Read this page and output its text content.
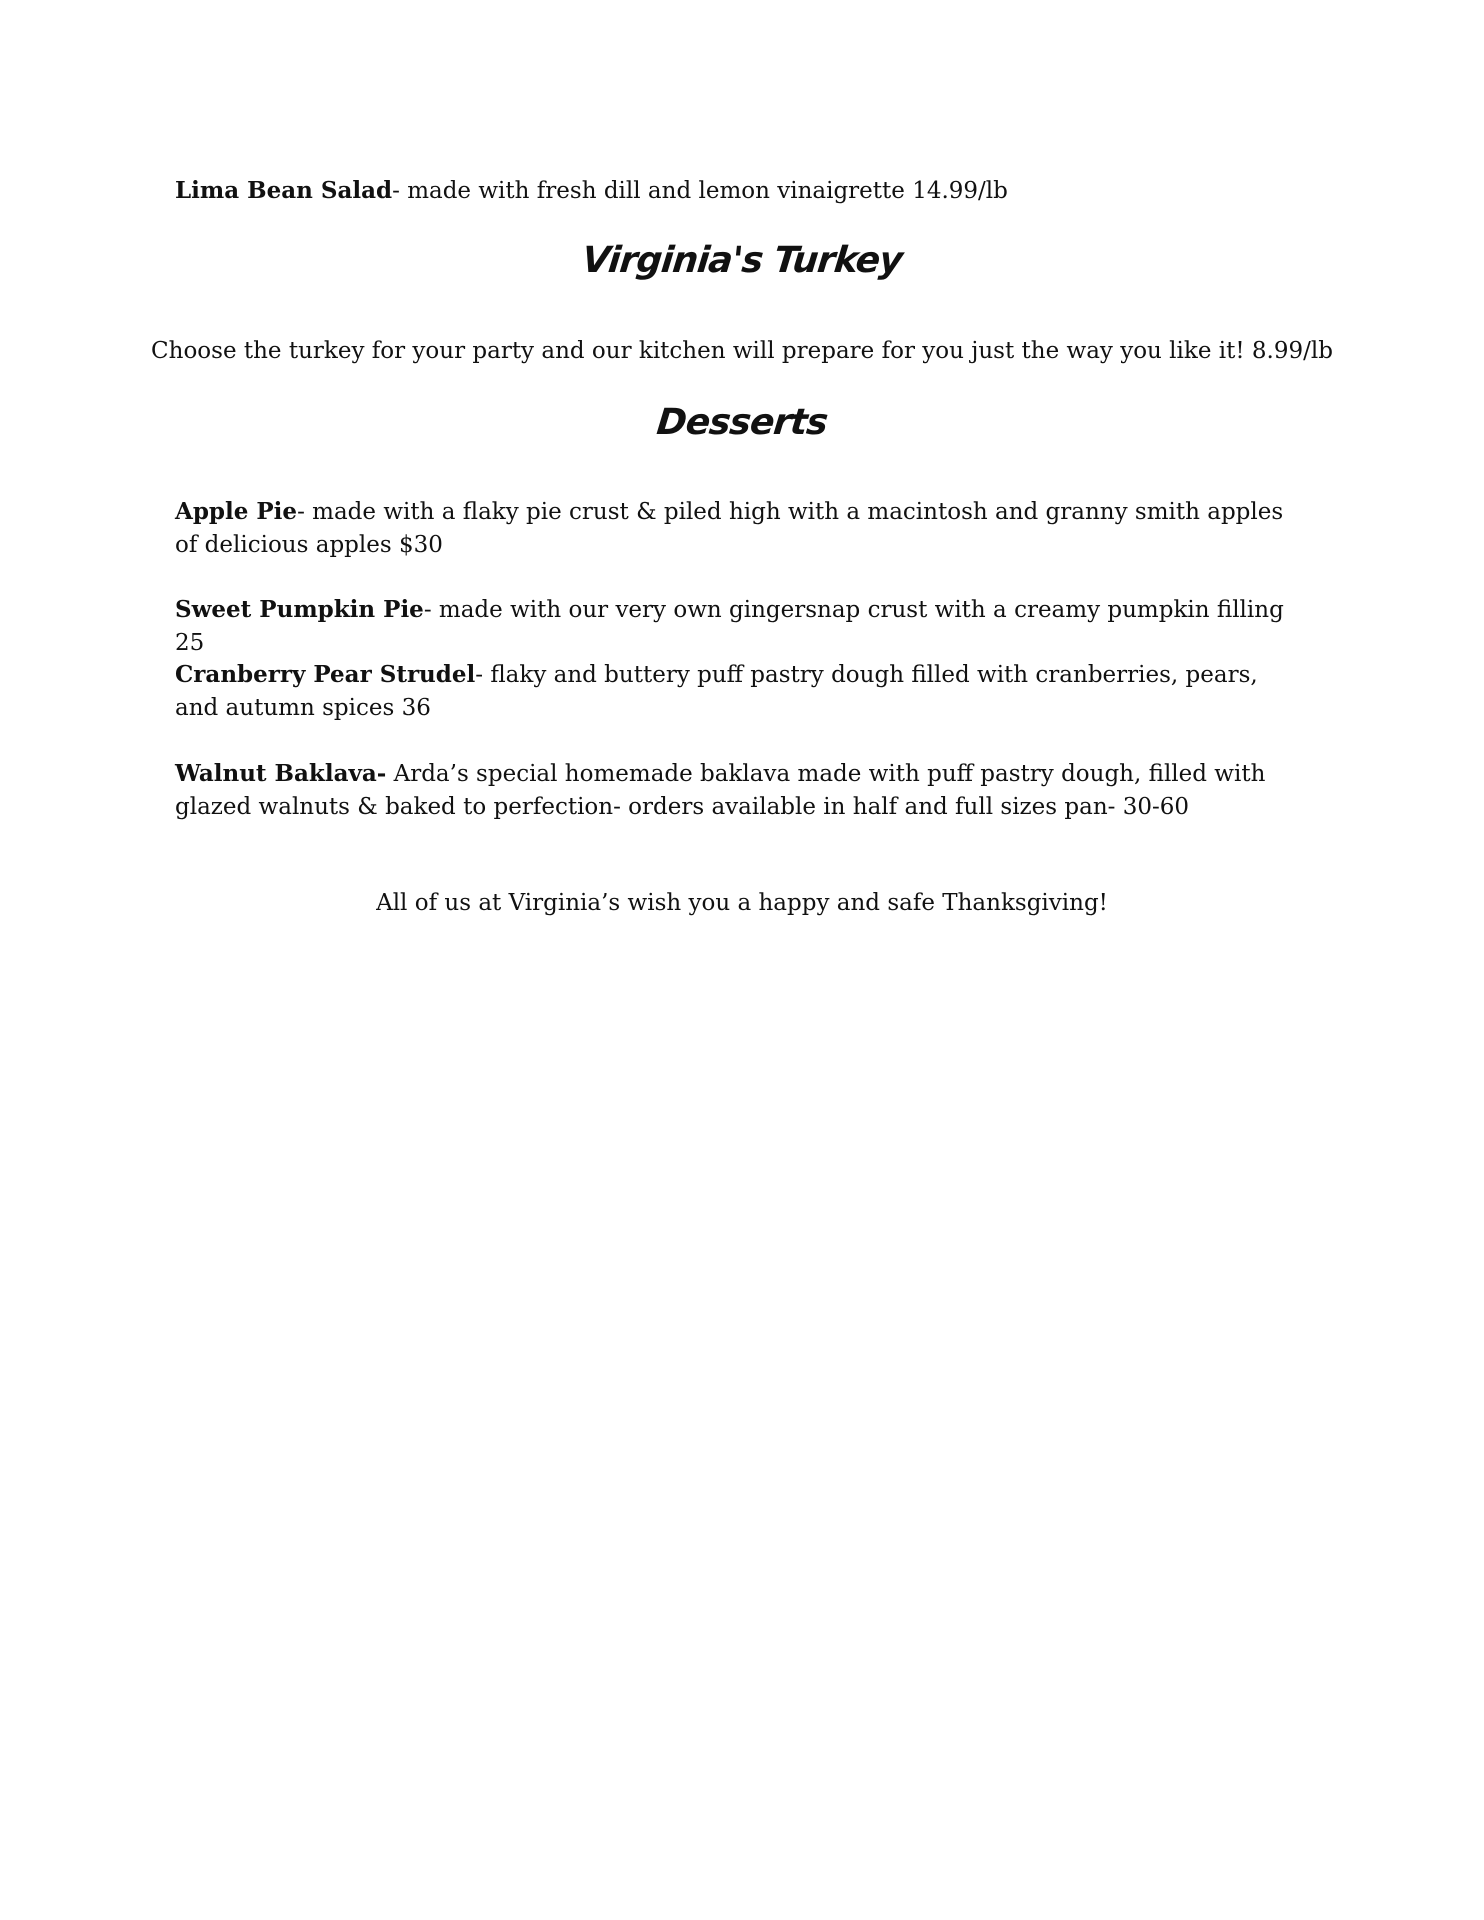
Lima Bean Salad- made with fresh dill and lemon vinaigrette 14.99/lb
Virginia's Turkey
Choose the turkey for your party and our kitchen will prepare for you just the way you like it! 8.99/lb
Desserts
Apple Pie- made with a flaky pie crust & piled high with a macintosh and granny smith apples of delicious apples $30
Sweet Pumpkin Pie- made with our very own gingersnap crust with a creamy pumpkin filling 25
Cranberry Pear Strudel- flaky and buttery puff pastry dough filled with cranberries, pears, and autumn spices 36
Walnut Baklava- Arda’s special homemade baklava made with puff pastry dough, filled with glazed walnuts & baked to perfection- orders available in half and full sizes pan- 30-60
All of us at Virginia’s wish you a happy and safe Thanksgiving!
